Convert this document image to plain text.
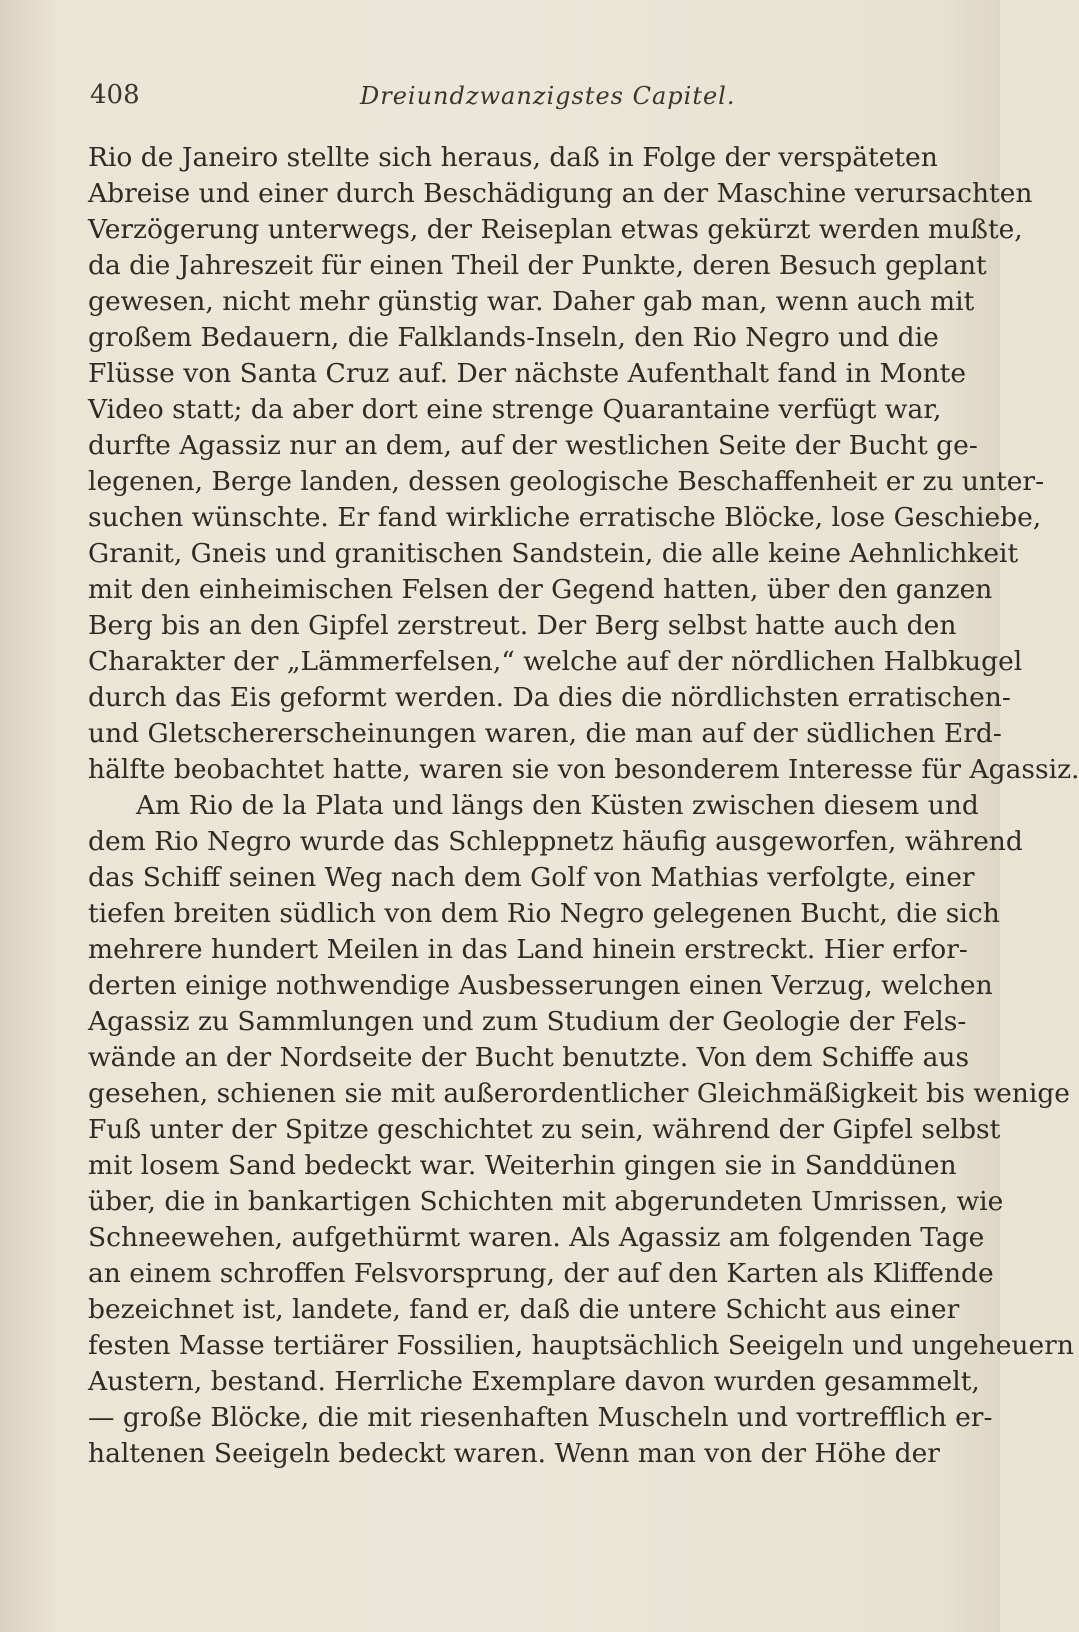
408	Dreiundzwanzigstes Capitel.
Rio de Janeiro stellte sich heraus, daß in Folge der verspäteten
Abreise und einer durch Beschädigung an der Maschine verursachten
Verzögerung unterwegs, der Reiseplan etwas gekürzt werden mußte,
da die Jahreszeit für einen Theil der Punkte, deren Besuch geplant
gewesen, nicht mehr günstig war. Daher gab man, wenn auch mit
großem Bedauern, die Falklands-Inseln, den Rio Negro und die
Flüsse von Santa Cruz auf. Der nächste Aufenthalt fand in Monte
Video statt; da aber dort eine strenge Quarantaine verfügt war,
durfte Agassiz nur an dem, auf der westlichen Seite der Bucht ge-
legenen, Berge landen, dessen geologische Beschaffenheit er zu unter-
suchen wünschte. Er fand wirkliche erratische Blöcke, lose Geschiebe,
Granit, Gneis und granitischen Sandstein, die alle keine Aehnlichkeit
mit den einheimischen Felsen der Gegend hatten, über den ganzen
Berg bis an den Gipfel zerstreut. Der Berg selbst hatte auch den
Charakter der „Lämmerfelsen,“ welche auf der nördlichen Halbkugel
durch das Eis geformt werden. Da dies die nördlichsten erratischen-
und Gletschererscheinungen waren, die man auf der südlichen Erd-
hälfte beobachtet hatte, waren sie von besonderem Interesse für Agassiz.
Am Rio de la Plata und längs den Küsten zwischen diesem und
dem Rio Negro wurde das Schleppnetz häufig ausgeworfen, während
das Schiff seinen Weg nach dem Golf von Mathias verfolgte, einer
tiefen breiten südlich von dem Rio Negro gelegenen Bucht, die sich
mehrere hundert Meilen in das Land hinein erstreckt. Hier erfor-
derten einige nothwendige Ausbesserungen einen Verzug, welchen
Agassiz zu Sammlungen und zum Studium der Geologie der Fels-
wände an der Nordseite der Bucht benutzte. Von dem Schiffe aus
gesehen, schienen sie mit außerordentlicher Gleichmäßigkeit bis wenige
Fuß unter der Spitze geschichtet zu sein, während der Gipfel selbst
mit losem Sand bedeckt war. Weiterhin gingen sie in Sanddünen
über, die in bankartigen Schichten mit abgerundeten Umrissen, wie
Schneewehen, aufgethürmt waren. Als Agassiz am folgenden Tage
an einem schroffen Felsvorsprung, der auf den Karten als Kliffende
bezeichnet ist, landete, fand er, daß die untere Schicht aus einer
festen Masse tertiärer Fossilien, hauptsächlich Seeigeln und ungeheuern
Austern, bestand. Herrliche Exemplare davon wurden gesammelt,
— große Blöcke, die mit riesenhaften Muscheln und vortrefflich er-
haltenen Seeigeln bedeckt waren. Wenn man von der Höhe der
